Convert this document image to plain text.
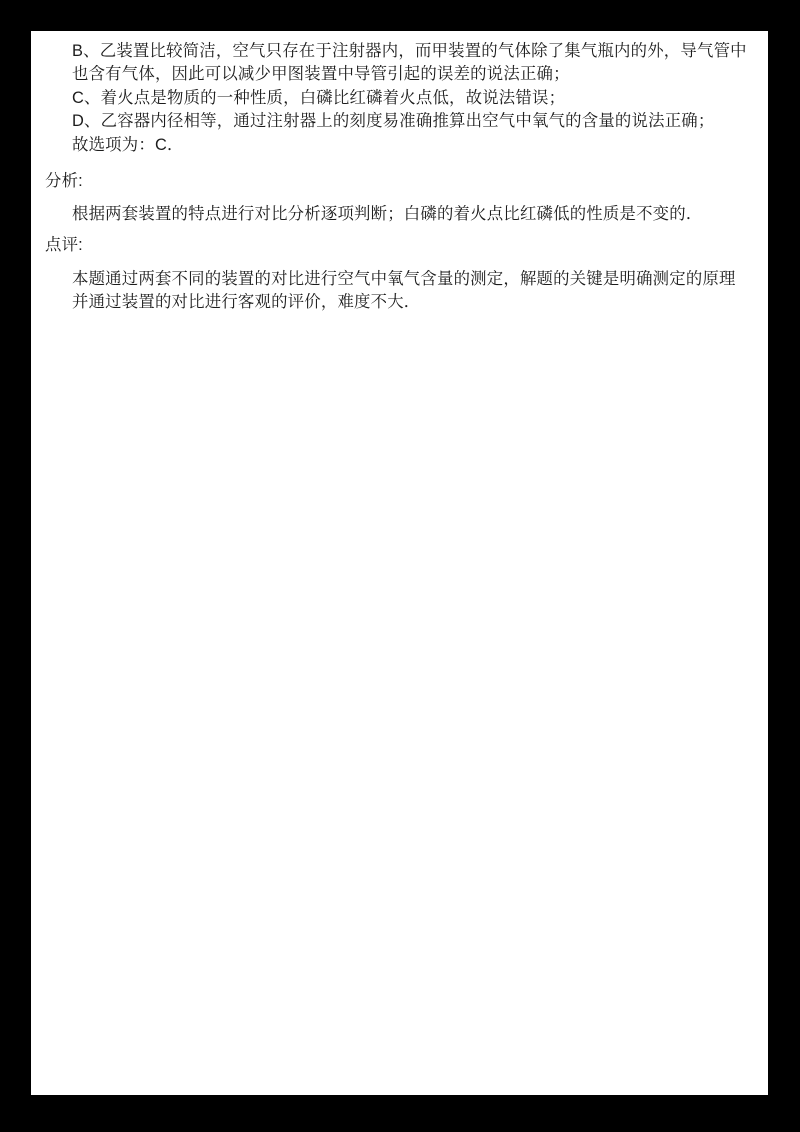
B、乙装置比较简洁，空气只存在于注射器内，而甲装置的气体除了集气瓶内的外，导气管中
也含有气体，因此可以减少甲图装置中导管引起的误差的说法正确；
C、着火点是物质的一种性质，白磷比红磷着火点低，故说法错误；
D、乙容器内径相等，通过注射器上的刻度易准确推算出空气中氧气的含量的说法正确；
故选项为：C．
分析:
根据两套装置的特点进行对比分析逐项判断；白磷的着火点比红磷低的性质是不变的．
点评:
本题通过两套不同的装置的对比进行空气中氧气含量的测定，解题的关键是明确测定的原理
并通过装置的对比进行客观的评价，难度不大．
